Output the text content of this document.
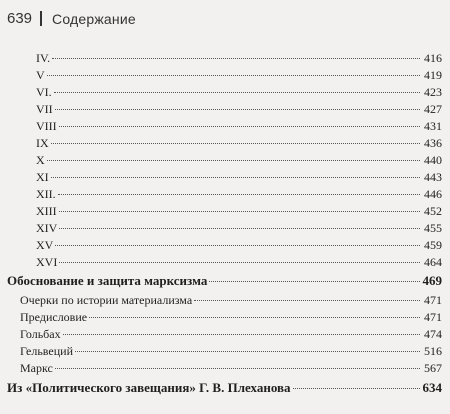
639 Содержание
IV.	416
V	419
VI.	423
VII	427
VIII	431
IX	436
X	440
XI	443
XII.	446
XIII	452
XIV	455
XV	459
XVI	464
Обоснование и защита марксизма	469
Очерки по истории материализма	471
Предисловие	471
Гольбах	474
Гельвеций	516
Маркс	567
Из «Политического завещания» Г. В. Плеханова	634
